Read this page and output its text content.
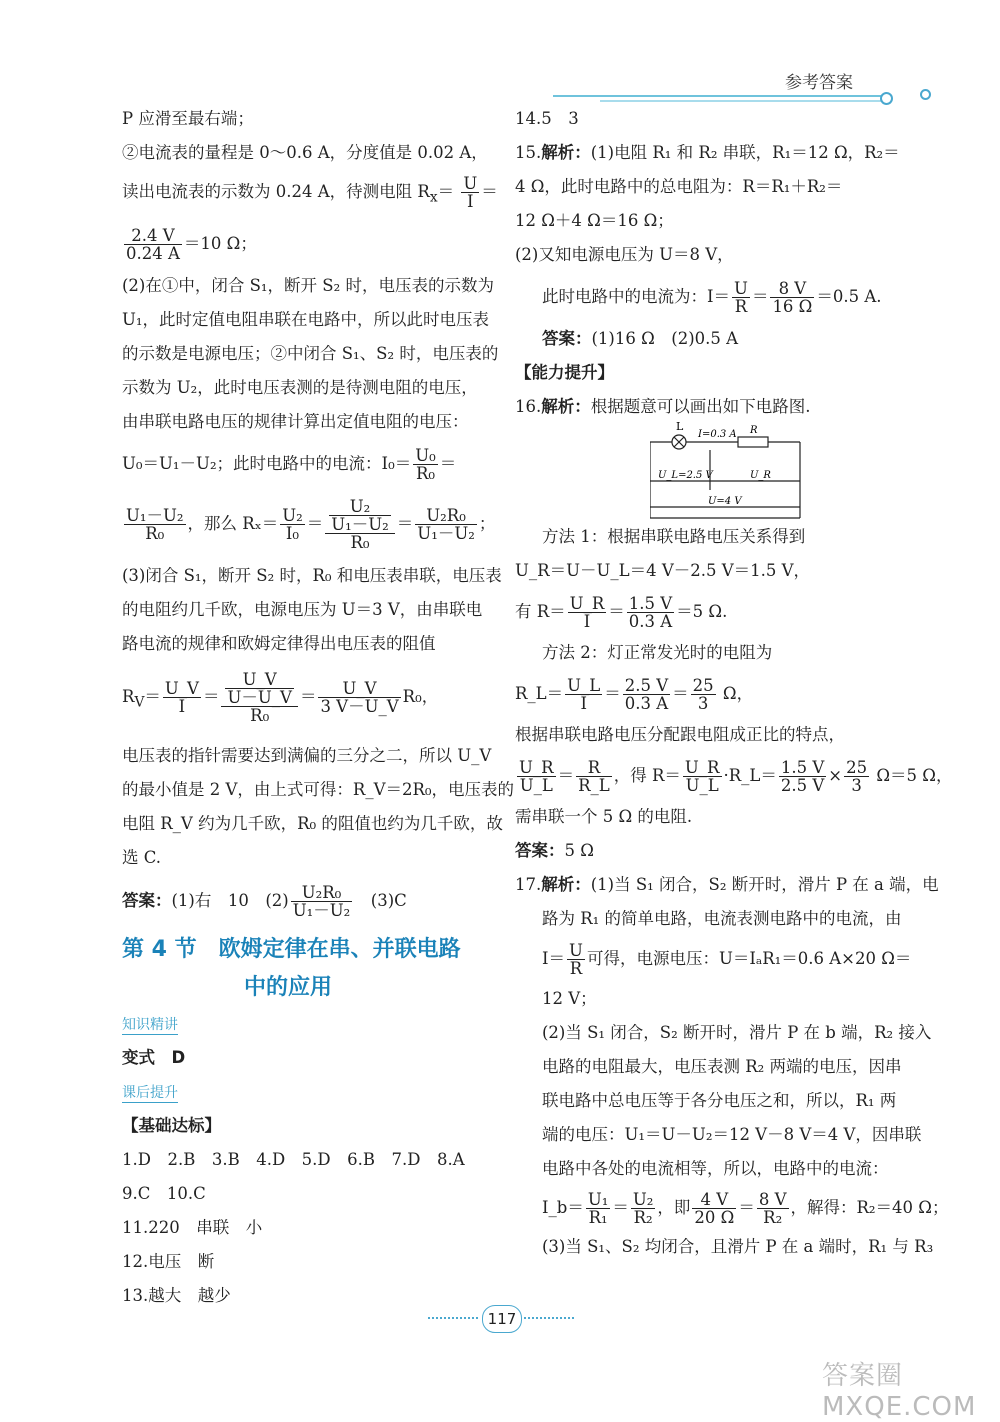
参考答案

P 应滑至最右端；

②电流表的量程是 0～0.6 A，分度值是 0.02 A，

读出电流表的示数为 0.24 A，待测电阻 $R_x= \frac{U}{I}$ ＝

$\frac{2.4 V}{0.24 A} =10$ Ω；

(2)在①中，闭合 S₁，断开 S₂ 时，电压表的示数为

U₁，此时定值电阻串联在电路中，所以此时电压表

的示数是电源电压；②中闭合 S₁、S₂ 时，电压表的

示数为 U₂，此时电压表测的是待测电阻的电压，

由串联电路电压的规律计算出定值电阻的电压：

U₀＝U₁－U₂；此时电路中的电流：$I_0= \frac{\text{U₀}}{\text{R₀}}$ ＝

$\frac{\text{U₁－U₂}}{\text{R₀}}$ ，那么 $R_x= \frac{\text{U₂}}{\text{I₀}} = \frac{\frac{\text{U₂}}{\text{U₁－U₂}}}{\text{R₀}} = \frac{\text{U₂R₀}}{\text{U₁－U₂}}$ ；

(3)闭合 S₁，断开 S₂ 时，R₀ 和电压表串联，电压表

的电阻约几千欧，电源电压为 U＝3 V，由串联电

路电流的规律和欧姆定律得出电压表的阻值

$R_V= \frac{U\_V}{I} = \frac{\frac{U\_V}{U-U\_V}}{\text{R₀}} = \frac{U\_V}{3 V-U\_V} R_0$，

电压表的指针需要达到满偏的三分之二，所以 U_V

的最小值是 2 V，由上式可得：R_V＝2R₀，电压表的

电阻 R_V 约为几千欧，R₀ 的阻值也约为几千欧，故

选 C.

答案：(1)右　10　$(2) \frac{\text{U₂R₀}}{\text{U₁－U₂}}$ 　(3)C

第 4 节　欧姆定律在串、并联电路

中的应用

知识精讲

变式　D

课后提升

【基础达标】

1.D　2.B　3.B　4.D　5.D　6.B　7.D　8.A

9.C　10.C

11.220　串联　小

12.电压　断

13.越大　越少

14.5　3

15.解析：(1)电阻 R₁ 和 R₂ 串联，R₁＝12 Ω，R₂＝

4 Ω，此时电路中的总电阻为：R＝R₁＋R₂＝

12 Ω＋4 Ω＝16 Ω；

(2)又知电源电压为 U＝8 V，

此时电路中的电流为：$I= \frac{U}{R} = \frac{8 V}{16 \Omega} =0.5$ A.

答案：(1)16 Ω　(2)0.5 A

【能力提升】

16.解析：根据题意可以画出如下电路图.

方法 1：根据串联电路电压关系得到

U_R＝U－U_L＝4 V－2.5 V＝1.5 V，

有 $R= \frac{U\_R}{I} = \frac{1.5 V}{0.3 A} =5$ Ω.

方法 2：灯正常发光时的电阻为

R_L＝ $\frac{U\_L}{I} = \frac{2.5 V}{0.3 A} = \frac{25}{3}$ Ω，

根据串联电路电压分配跟电阻成正比的特点，

$\frac{U\_R}{U\_L} = \frac{R}{R\_L}$ ，得 $R= \frac{U\_R}{U\_L}$ ·R_L＝ $\frac{1.5 V}{2.5 V} \times \frac{25}{3} \Omega=5$ Ω，

需串联一个 5 Ω 的电阻.

答案：5 Ω

17.解析：(1)当 S₁ 闭合，S₂ 断开时，滑片 P 在 a 端，电

路为 R₁ 的简单电路，电流表测电路中的电流，由

$I= \frac{U}{R}$ 可得，电源电压：U＝IₐR₁＝0.6 A×20 Ω＝

12 V；

(2)当 S₁ 闭合，S₂ 断开时，滑片 P 在 b 端，R₂ 接入

电路的电阻最大，电压表测 R₂ 两端的电压，因串

联电路中总电压等于各分电压之和，所以，R₁ 两

端的电压：U₁＝U－U₂＝12 V－8 V＝4 V，因串联

电路中各处的电流相等，所以，电路中的电流：

I_b＝ $\frac{\text{U₁}}{\text{R₁}} = \frac{\text{U₂}}{\text{R₂}}$ ，即 $\frac{4 V}{20 \Omega} = \frac{8 V}{\text{R₂}}$ ，解得：R₂＝40 Ω；

(3)当 S₁、S₂ 均闭合，且滑片 P 在 a 端时，R₁ 与 R₃

L
I=0.3 A R
U_L=2.5 V	U_R
U=4 V
117
答案圈 MXQE.COM
